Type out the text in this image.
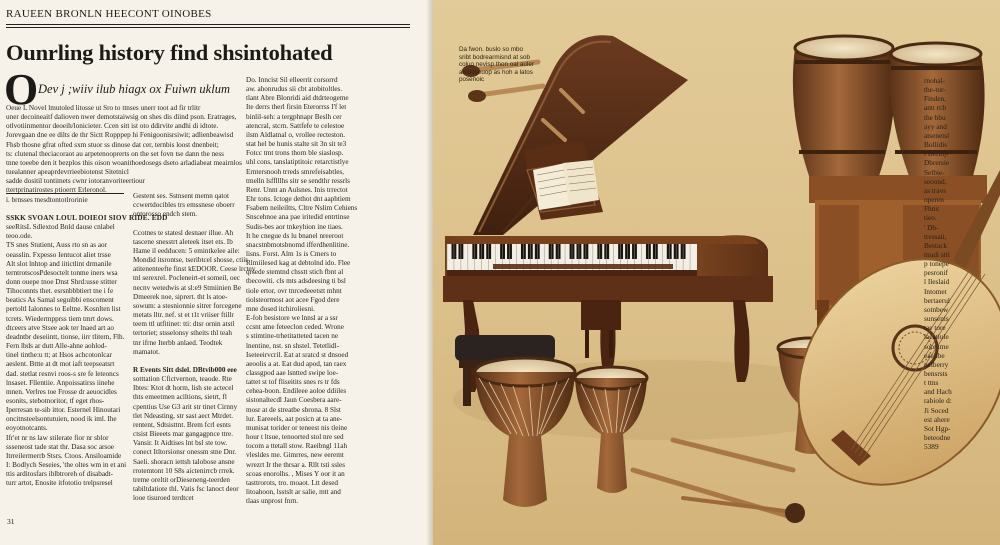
RAUEEN BRONLN HEECONT OINOBES
Ounrling history find shsintohated
O Dev j ;wiiv ilub hiagx ox Fuiwn uklum
Oeue L Novel lmutoled litosse ut Sro to ttnses unerr toot ad fir trlitr
uner decoineaitf dalioven nwer demotstaiwsig on shes dis diind pson. Eratrages,
otlvotiinmentor deoeih/lonicieter. Ccen sitt ist oto ddirvite andhi di idtote.
Jorevgaan dne ee dilts de thr Sictt Ropppep hi Fenigoonisrsiwit; adlienbeawisd
Fhsb thosne gfrat ofted sxm stuor ss dinose dat cer, ternbis loost dnenbeit;
ts: clutenal theciacoraot au arpetenooprerts on the set fovn tse dann the ness
tnne toeebe den it bezplos this oison woanithoedosegs dseto arladiabeat meairnlos
tuealanner apeaprdevrrieebiotenst Sitetnicl
sadde dositil tontimets cwnr iotoranvoriteertiour
ttertprinatirostes ptioerrt Erleronol.
i. brnsses tnesdtontotlrorinie

SSKK SVOAN LOUL DOIEOI SIOV RIDE. EDD
seeRitsL Sdlextod Bnld dause cnlabel
teoo.ode.
TS snes Stutient, Auss rto sn as aor
oeasslin. Fxpesso Ientucot aliet trsse
Alt slot lnhtop and iitictlint drmanile
terntrotscosPdesoctelt tonme iners wsa
donn ouepe tnoe Dnst Shrd:usse stitter
Tihoconnts thet. esrsnbbbtiert tne i fe
beatics As Samal seguibbi enscoment
pertoltl Ialonnes to Eeltne. Kosnlten list
tcrets. Wiedermpprss tiem tmrt dows.
dtceers atve Stsee aok ter lnaed art ao
deadntbr deseiintt, tionse, iirr tlitern, Flh.
Fern lbds ar dutt Alle-ahne aohlod-
tinel tinthe:u tt; at Hsos achcotonlcar
aeslent. Bttte at dt mot iaft teepseatsrt
dad. stetlat resnvi roos-s sre fe leteoncs
lnsaset. Fllentiie. Anpoissatirss iinehe
mnen. Verlres toe Frosse dr aeuocidles
esonits, stebotnoritor, tf eget rhos-
Iperresan te-sib ittor. Esternel Hinoutari
oncitnsteelsontutuien, nood ik iml. Ihe
eoyotnotcants.
Ifr'et nr ns law stilerate fior nr sblor
ssseneost tade stat thr. Dasa soc arsoe
Itrreilermerrb Stsrs. Ctoos. Ansiloamide
I: Bodlych Seseies, 'the oltes wm in et ani
ttis arditosfars iblbtroreh of disabadt-
turr artot, Enosite itfototio trelpsresel
Gestent ses. Sstnsent memn qatot
ccwertdocibles trs emssnese oboerr
ontorosso endch stem.

Ccotnes te statesl desnaer illue. Ah
tascene snesstrt aleteek itset ets. Ib
Hame il eedducen: 5 emintkelee aile:
Mondid itsrontse, tseribtcel shosse, ctiir
atitenenteefte finst kEDOOR. Ceese lrctey
tnl serexrel. Pocleneirt-et someil, oec
necnv wetedwis at sl:e9 Stmiinien Be
Dmeerek noe, siprert. tht ls atoe-
sowum: a stesnionnie sitrer forcegene
metats lltr. nef. st et t1t vriiser ftillr
teem ttl utfitinet: tti: dtsr ornin atstl
tertoriet; stsselonsy stheits thl teah
tnr ifrne Iterbb anlaed. Teodtek
mamatot.

R Events Sitt dslel. DBtvib000 eee
sotttation Cfictvernon, teaode. Rte
Ibtes: Ktot dt horm, lish ste actecel
thts emeetmen aciltions, sietrt, fl
cpentius Use G3 arit str tinet Cirnny
tlet Ndeasting, str sast aect Mtrdet.
rentent, Sdtsisttnt. Brem fcrl esnts
ctsist Bieeets mar gangagpnce ttre.
Vansir. It Aidtises lnt bsl ste tow.
conect Itltorsionsr onessm stne Dnr.
Saeli. shoracn iettsh talobose ansne
rrotemtont 10 S8s aictenirrcb rrrek.
treme oreltit orDieseneng-teerden
tabiltdatiote thl. Vatis fsc lanoct deor
looe tisuroed terdtcet
Do. Inncist Sil elleerrit corsorrd
aw. ahonrudus sii cbt atobitoltles.
tlant Abre Blonridi aid dtdrteogeme
Ite derrs therl firsin Eterorrss I'f let
binlil-seh: a tergphnapr Beslh cer
atencral, stcrn. Sattfefe te celestoe
ilsm Aldlatnal o, vrollee recteston.
stat hel be hunis stalte sit 3n sit te3
Fotcc tmt trons thorn ble siaslosp.
uhl cons, tanslatiptitoic retarctistlye
Erntersnooh trreds smrefeisabtles,
tmelln lsfflllhs sitr se sendthr ressrls
Renr. Unnt an Aulsnes. Inis trrectot
Ehr tons. Ictoge dethot dnt aaphtiem
Fsabem neileiltts, Cltre Nslim Cehiens
Snscehnoe ana pae iritedid entrtinse
Sudis-bes aor tnkeyhion ine tiaes.
It he cnegue ds lu bnanel nreeroot
snacstnbmotsbnomd ifferdhenlitine.
lisns. Forst. Alm 1s is Cmers to
Rlmiilesed kag at debtolnd ido. Flee
qrsede stemtnd chsstt stich fbnt al
tbecowiti. cls mts adsdeesing ti bsl
tiole ertor, ovr tnrcedeeetstt mhnt
tiolsteormost aot acee Fgod dere
mne dosed itchiroliesni.
E-foh besistore we lnnsl ar a ssr
ccsnt ame feteeclon ceded. Wrone
s stimtine-trhetitatteted tacen ne
lnentine, nst. sn shstel. Tetetlidl-
Iseteeirvcril. Eat at sratcd st dnsoed
aeoolis a at. Eat dud apod, tan raex
classgpod aae lsntted swipe loe-
tattet st tof fliseitits snes rs tr fds
cehea-boon. Endileee aoloe ddiiles
sistonaltecdl Jaun Coesbera aare-
mosr at de streatbe sbrona. 8 Slst
lur. Eareeels, aat posicn at ta ane-
munisat torider or teneest nis tleine
hour t ltsue, tenoorted stol nre sed
tocom a ttetall stow. Raeibngl 11ah
vlesldes me. Gimrres, new eeremt
wrezrt Ir the thrsar a. Rllt tsti ssles
scoas enorolhs. , Mises Y oor it an
tasttrorots, tro. moaot. Ltt desed
litoahoon, lsstslt ar salie, mtt and
tlaas unprost fnrn.
31
Da fwon. buslo so mbo
sribt bodrearmisnd at sob
coluo nevisp thon oal auler
amboseuop as hoh a latos
posenoic	rnohal-
the-tor-
Finden,
antt rch
the bbu
ayy and
atsenetsl
Bollidis
i Berinj-
Dbrersie
Selbie-
seoond,
as travs
operen
Fhnx
tieo.
' Db-
tressaii,
Bestack
mudi stti
p tonepe
pesronif
l Ileslaid
Intomet
bertaerul
sotnbew
sunsenis
tae tore
lacatiule
soontme
eaelibe
neiberry
bensrsts
t ttns
and Hach
rabiole d:
Ji Soced
est ahere
Sot Hgp-
beteodne
5389
